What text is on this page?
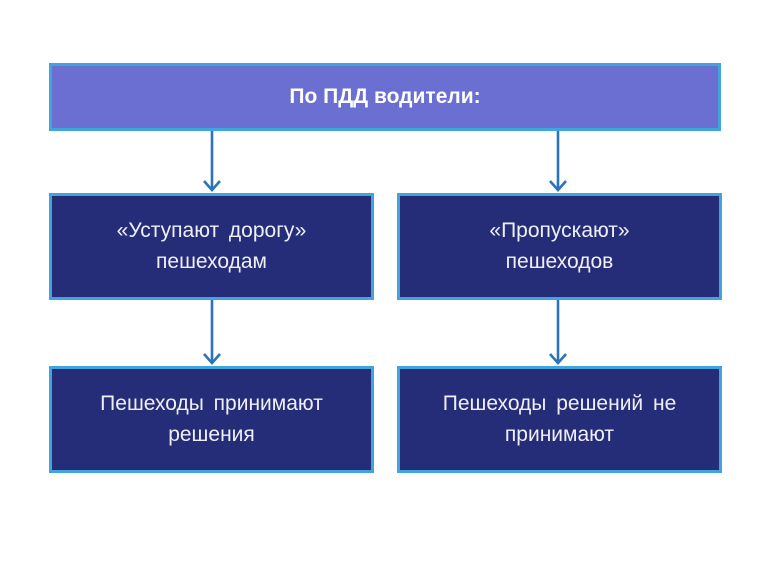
По ПДД водители:
«Уступают дорогу»
пешеходам
«Пропускают»
пешеходов
Пешеходы принимают
решения
Пешеходы решений не
принимают
